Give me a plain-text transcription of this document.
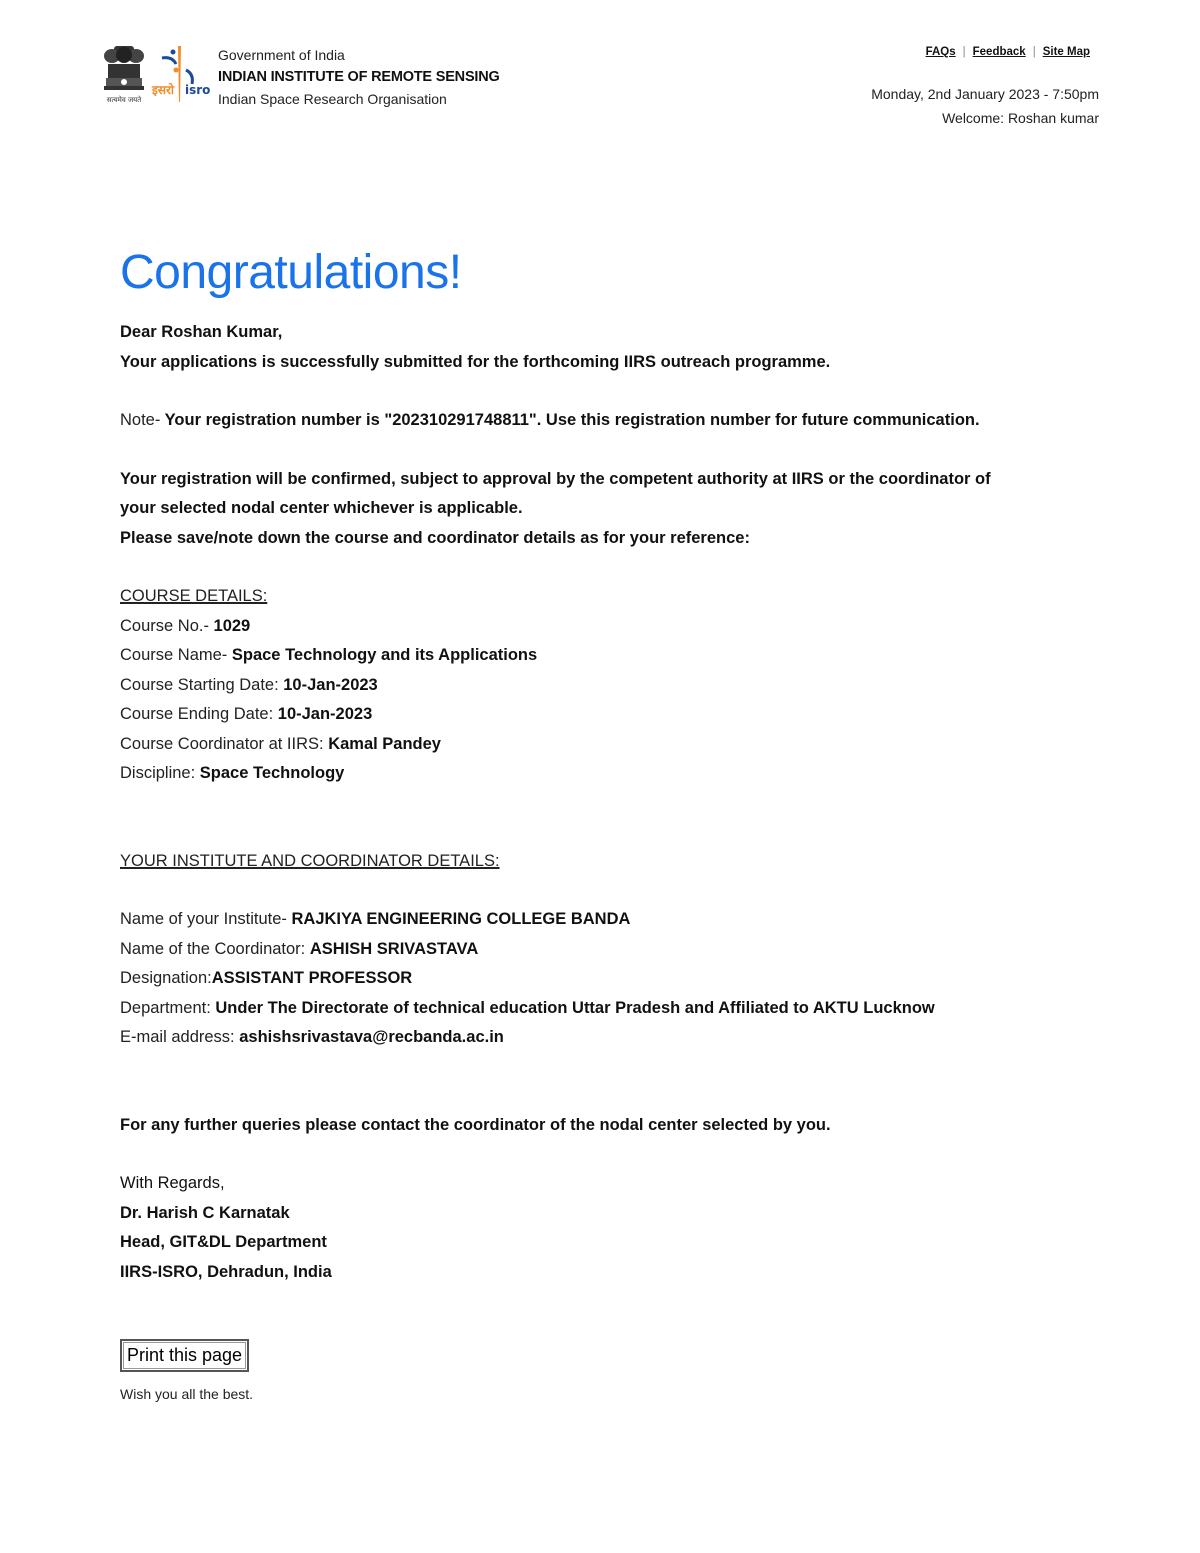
सत्यमेव जयते
इसरो isro
Government of India
INDIAN INSTITUTE OF REMOTE SENSING
Indian Space Research Organisation
FAQs | Feedback | Site Map
Monday, 2nd January 2023 - 7:50pm
Welcome: Roshan kumar
Congratulations!

Dear Roshan Kumar,

Your applications is successfully submitted for the forthcoming IIRS outreach programme.

Note- Your registration number is "202310291748811". Use this registration number for future communication.

Your registration will be confirmed, subject to approval by the competent authority at IIRS or the coordinator of

your selected nodal center whichever is applicable.

Please save/note down the course and coordinator details as for your reference:

COURSE DETAILS:

Course No.- 1029

Course Name- Space Technology and its Applications

Course Starting Date: 10-Jan-2023

Course Ending Date: 10-Jan-2023

Course Coordinator at IIRS: Kamal Pandey

Discipline: Space Technology

YOUR INSTITUTE AND COORDINATOR DETAILS:

Name of your Institute- RAJKIYA ENGINEERING COLLEGE BANDA

Name of the Coordinator: ASHISH SRIVASTAVA

Designation:ASSISTANT PROFESSOR

Department: Under The Directorate of technical education Uttar Pradesh and Affiliated to AKTU Lucknow

E-mail address: ashishsrivastava@recbanda.ac.in

For any further queries please contact the coordinator of the nodal center selected by you.

With Regards,

Dr. Harish C Karnatak

Head, GIT&DL Department

IIRS-ISRO, Dehradun, India

Print this page
Wish you all the best.
